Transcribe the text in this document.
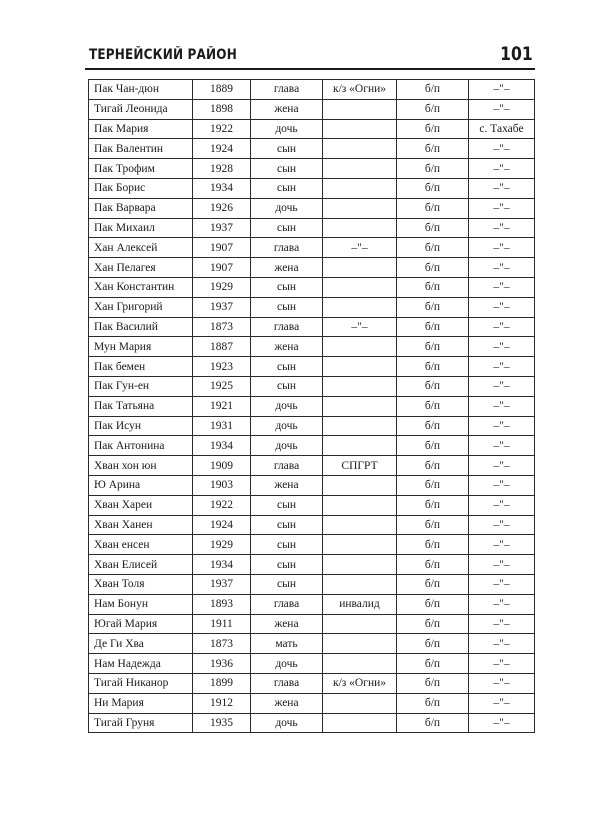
ТЕРНЕЙСКИЙ РАЙОН	101
Пак Чан-дюн	1889	глава	к/з «Огни»	б/п	–"–
Тигай Леонида	1898	жена		б/п	–"–
Пак Мария	1922	дочь		б/п	с. Тахабе
Пак Валентин	1924	сын		б/п	–"–
Пак Трофим	1928	сын		б/п	–"–
Пак Борис	1934	сын		б/п	–"–
Пак Варвара	1926	дочь		б/п	–"–
Пак Михаил	1937	сын		б/п	–"–
Хан Алексей	1907	глава	–"–	б/п	–"–
Хан Пелагея	1907	жена		б/п	–"–
Хан Константин	1929	сын		б/п	–"–
Хан Григорий	1937	сын		б/п	–"–
Пак Василий	1873	глава	–"–	б/п	–"–
Мун Мария	1887	жена		б/п	–"–
Пак бемен	1923	сын		б/п	–"–
Пак Гун-ен	1925	сын		б/п	–"–
Пак Татьяна	1921	дочь		б/п	–"–
Пак Исун	1931	дочь		б/п	–"–
Пак Антонина	1934	дочь		б/п	–"–
Хван хон юн	1909	глава	СПГРТ	б/п	–"–
Ю Арина	1903	жена		б/п	–"–
Хван Хареи	1922	сын		б/п	–"–
Хван Ханен	1924	сын		б/п	–"–
Хван енсен	1929	сын		б/п	–"–
Хван Елисей	1934	сын		б/п	–"–
Хван Толя	1937	сын		б/п	–"–
Нам Бонун	1893	глава	инвалид	б/п	–"–
Югай Мария	1911	жена		б/п	–"–
Де Ги Хва	1873	мать		б/п	–"–
Нам Надежда	1936	дочь		б/п	–"–
Тигай Никанор	1899	глава	к/з «Огни»	б/п	–"–
Ни Мария	1912	жена		б/п	–"–
Тигай Груня	1935	дочь		б/п	–"–
